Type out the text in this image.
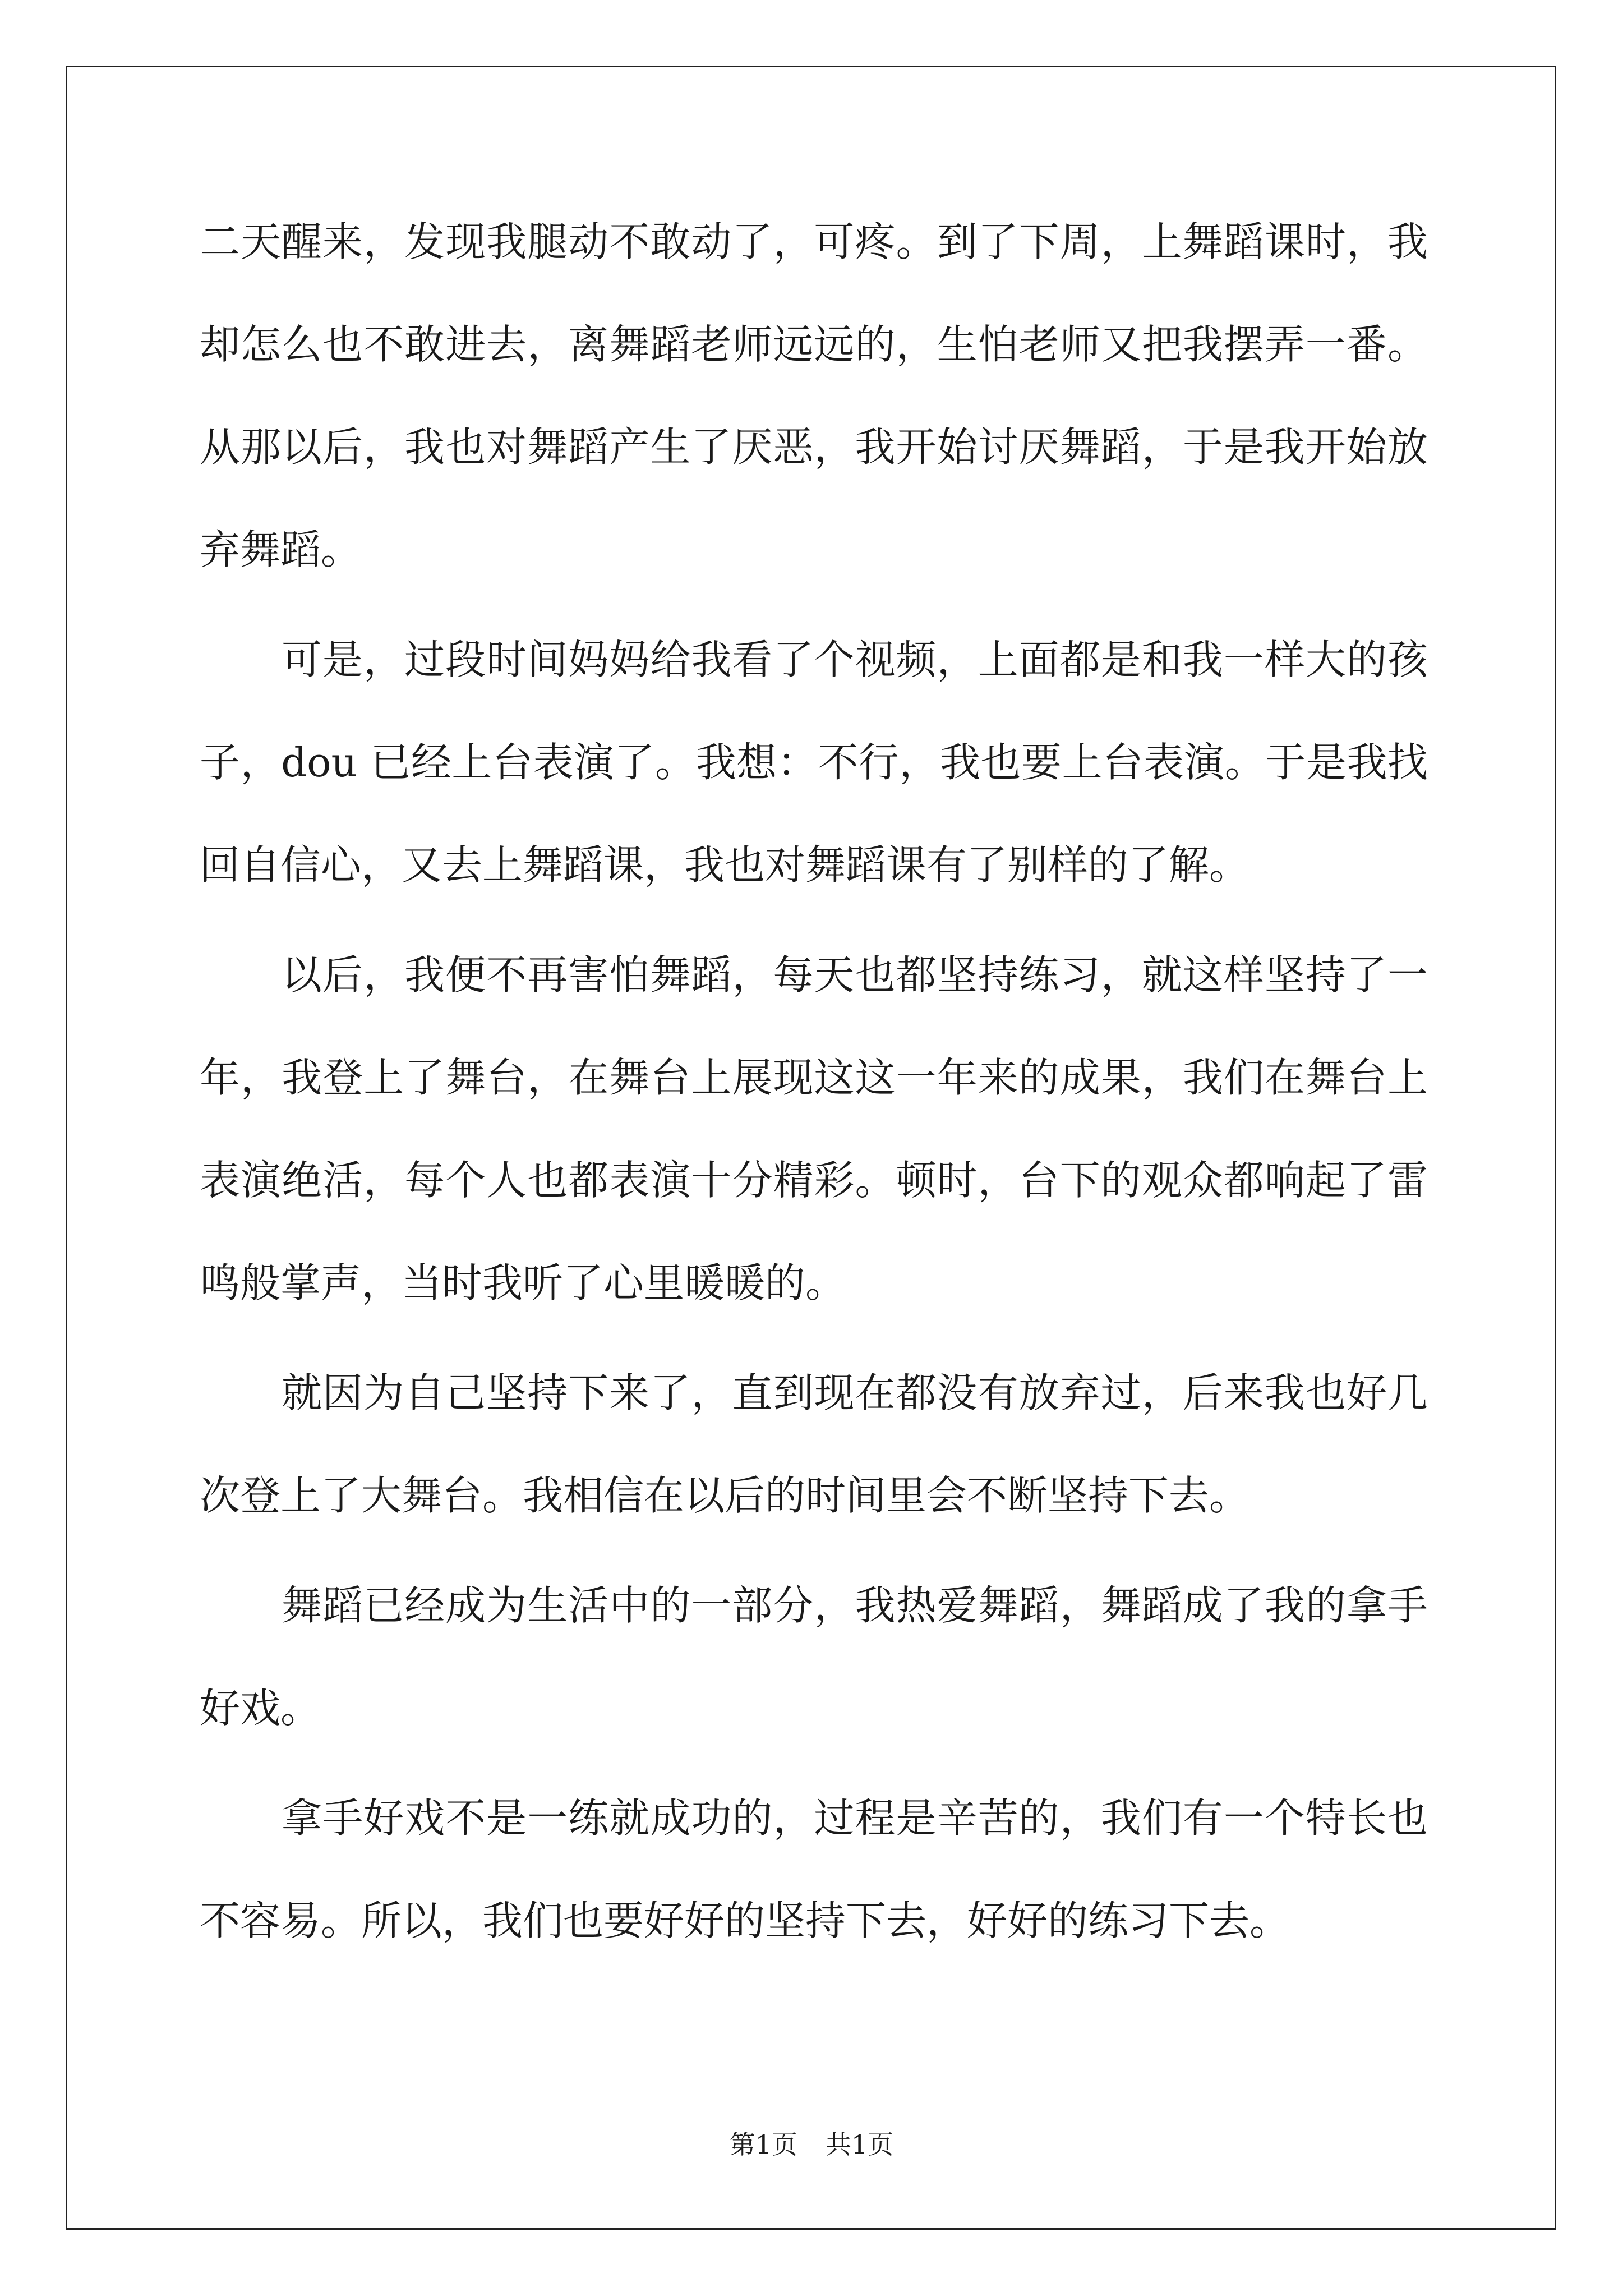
二天醒来，发现我腿动不敢动了，可疼。到了下周，上舞蹈课时，我
却怎么也不敢进去，离舞蹈老师远远的，生怕老师又把我摆弄一番。
从那以后，我也对舞蹈产生了厌恶，我开始讨厌舞蹈，于是我开始放
弃舞蹈。
可是，过段时间妈妈给我看了个视频，上面都是和我一样大的孩
子，dou 已经上台表演了。我想：不行，我也要上台表演。于是我找
回自信心，又去上舞蹈课，我也对舞蹈课有了别样的了解。
以后，我便不再害怕舞蹈，每天也都坚持练习，就这样坚持了一
年，我登上了舞台，在舞台上展现这这一年来的成果，我们在舞台上
表演绝活，每个人也都表演十分精彩。顿时，台下的观众都响起了雷
鸣般掌声，当时我听了心里暖暖的。
就因为自己坚持下来了，直到现在都没有放弃过，后来我也好几
次登上了大舞台。我相信在以后的时间里会不断坚持下去。
舞蹈已经成为生活中的一部分，我热爱舞蹈，舞蹈成了我的拿手
好戏。
拿手好戏不是一练就成功的，过程是辛苦的，我们有一个特长也
不容易。所以，我们也要好好的坚持下去，好好的练习下去。
第1页 共1页
